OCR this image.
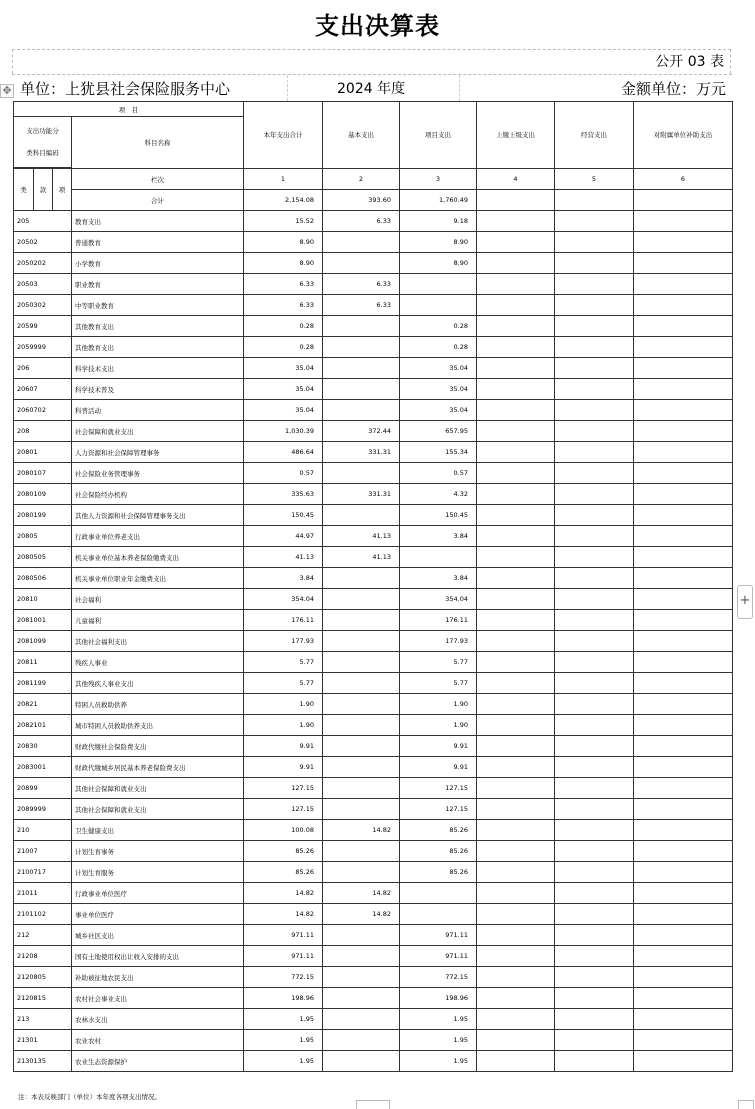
支出决算表
✥
公开 03 表
单位：上犹县社会保险服务中心	2024 年度	金额单位：万元
项　目				本年支出合计	基本支出	项目支出	上缴上级支出	经营支出	对附属单位补助支出

支出功能分
类科目编码			科目名称						

类	款	项	栏次	1	2	3	4	5	6
			合计	2,154.08	393.60	1,760.49			
205			教育支出	15.52	6.33	9.18			
20502			普通教育	8.90		8.90			
2050202			小学教育	8.90		8.90			
20503			职业教育	6.33	6.33				
2050302			中等职业教育	6.33	6.33				
20599			其他教育支出	0.28		0.28			
2059999			其他教育支出	0.28		0.28			
206			科学技术支出	35.04		35.04			
20607			科学技术普及	35.04		35.04			
2060702			科普活动	35.04		35.04			
208			社会保障和就业支出	1,030.39	372.44	657.95			
20801			人力资源和社会保障管理事务	486.64	331.31	155.34			
2080107			社会保险业务管理事务	0.57		0.57			
2080109			社会保险经办机构	335.63	331.31	4.32			
2080199			其他人力资源和社会保障管理事务支出	150.45		150.45			
20805			行政事业单位养老支出	44.97	41.13	3.84			
2080505			机关事业单位基本养老保险缴费支出	41.13	41.13				
2080506			机关事业单位职业年金缴费支出	3.84		3.84			
20810			社会福利	354.04		354.04			
2081001			儿童福利	176.11		176.11			
2081099			其他社会福利支出	177.93		177.93			
20811			残疾人事业	5.77		5.77			
2081199			其他残疾人事业支出	5.77		5.77			
20821			特困人员救助供养	1.90		1.90			
2082101			城市特困人员救助供养支出	1.90		1.90			
20830			财政代缴社会保险费支出	9.91		9.91			
2083001			财政代缴城乡居民基本养老保险费支出	9.91		9.91			
20899			其他社会保障和就业支出	127.15		127.15			
2089999			其他社会保障和就业支出	127.15		127.15			
210			卫生健康支出	100.08	14.82	85.26			
21007			计划生育事务	85.26		85.26			
2100717			计划生育服务	85.26		85.26			
21011			行政事业单位医疗	14.82	14.82				
2101102			事业单位医疗	14.82	14.82				
212			城乡社区支出	971.11		971.11			
21208			国有土地使用权出让收入安排的支出	971.11		971.11			
2120805			补助被征地农民支出	772.15		772.15			
2120815			农村社会事业支出	198.96		198.96			
213			农林水支出	1.95		1.95			
21301			农业农村	1.95		1.95			
2130135			农业生态资源保护	1.95		1.95			
注：本表反映部门（单位）本年度各项支出情况。
+
